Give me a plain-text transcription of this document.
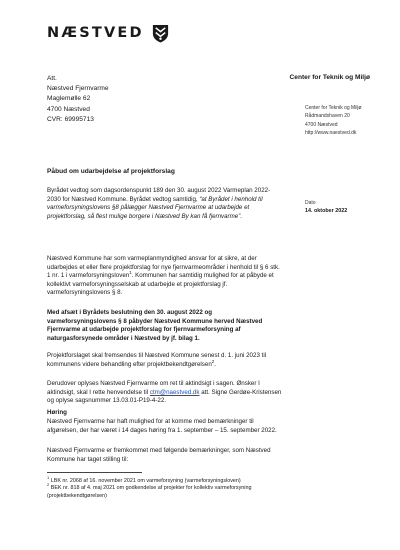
NÆSTVED
Att.
Næstved Fjernvarme
Maglemølle 62
4700 Næstved
CVR: 69995713
Center for Teknik og Miljø
Center for Teknik og Miljø
Rådmandshaven 20
4700 Næstved
http://www.naestved.dk
Dato
14. oktober 2022
Påbud om udarbejdelse af projektforslag

Byrådet vedtog som dagsordenspunkt 189 den 30. august 2022 Varmeplan 2022-2030 for Næstved Kommune. Byrådet vedtog samtidig, “at Byrådet i henhold til varmeforsyningslovens §8 pålægger Næstved Fjernvarme at udarbejde et projektforslag, så flest mulige borgere i Næstved By kan få fjernvarme”.

Næstved Kommune har som varmeplanmyndighed ansvar for at sikre, at der udarbejdes et eller flere projektforslag for nye fjernvarmeområder i henhold til § 6 stk. 1 nr. 1 i varmeforsyningsloven$^1$. Kommunen har samtidig mulighed for at påbyde et kollektivt varmeforsyningsselskab at udarbejde et projektforslag jf. varmeforsyningslovens § 8.

Med afsæt i Byrådets beslutning den 30. august 2022 og varmeforsyningslovens § 8 påbyder Næstved Kommune herved Næstved Fjernvarme at udarbejde projektforslag for fjernvarmeforsyning af naturgasforsynede områder i Næstved by jf. bilag 1.

Projektforslaget skal fremsendes til Næstved Kommune senest d. 1. juni 2023 til kommunens videre behandling efter projektbekendtgørelsen$^2$.

Derudover oplyses Næstved Fjernvarme om ret til aktindsigt i sagen. Ønsker I aktindsigt, skal I rette henvendelse til ctm@naestved.dk att. Signe Gerdøe-Kristensen og oplyse sagsnummer 13.03.01-P19-4-22.

Høring

Næstved Fjernvarme har haft mulighed for at komme med bemærkninger til afgørelsen, der har været i 14 dages høring fra 1. september – 15. september 2022.

Næstved Fjernvarme er fremkommet med følgende bemærkninger, som Næstved Kommune har taget stilling til:

$^1$ LBK nr. 2068 af 16. november 2021 om varmeforsyning (varmeforsyningsloven)

$^2$ BEK nr. 818 af 4. maj 2021 om godkendelse af projekter for kollektiv varmeforsyning (projektbekendtgørelsen)
